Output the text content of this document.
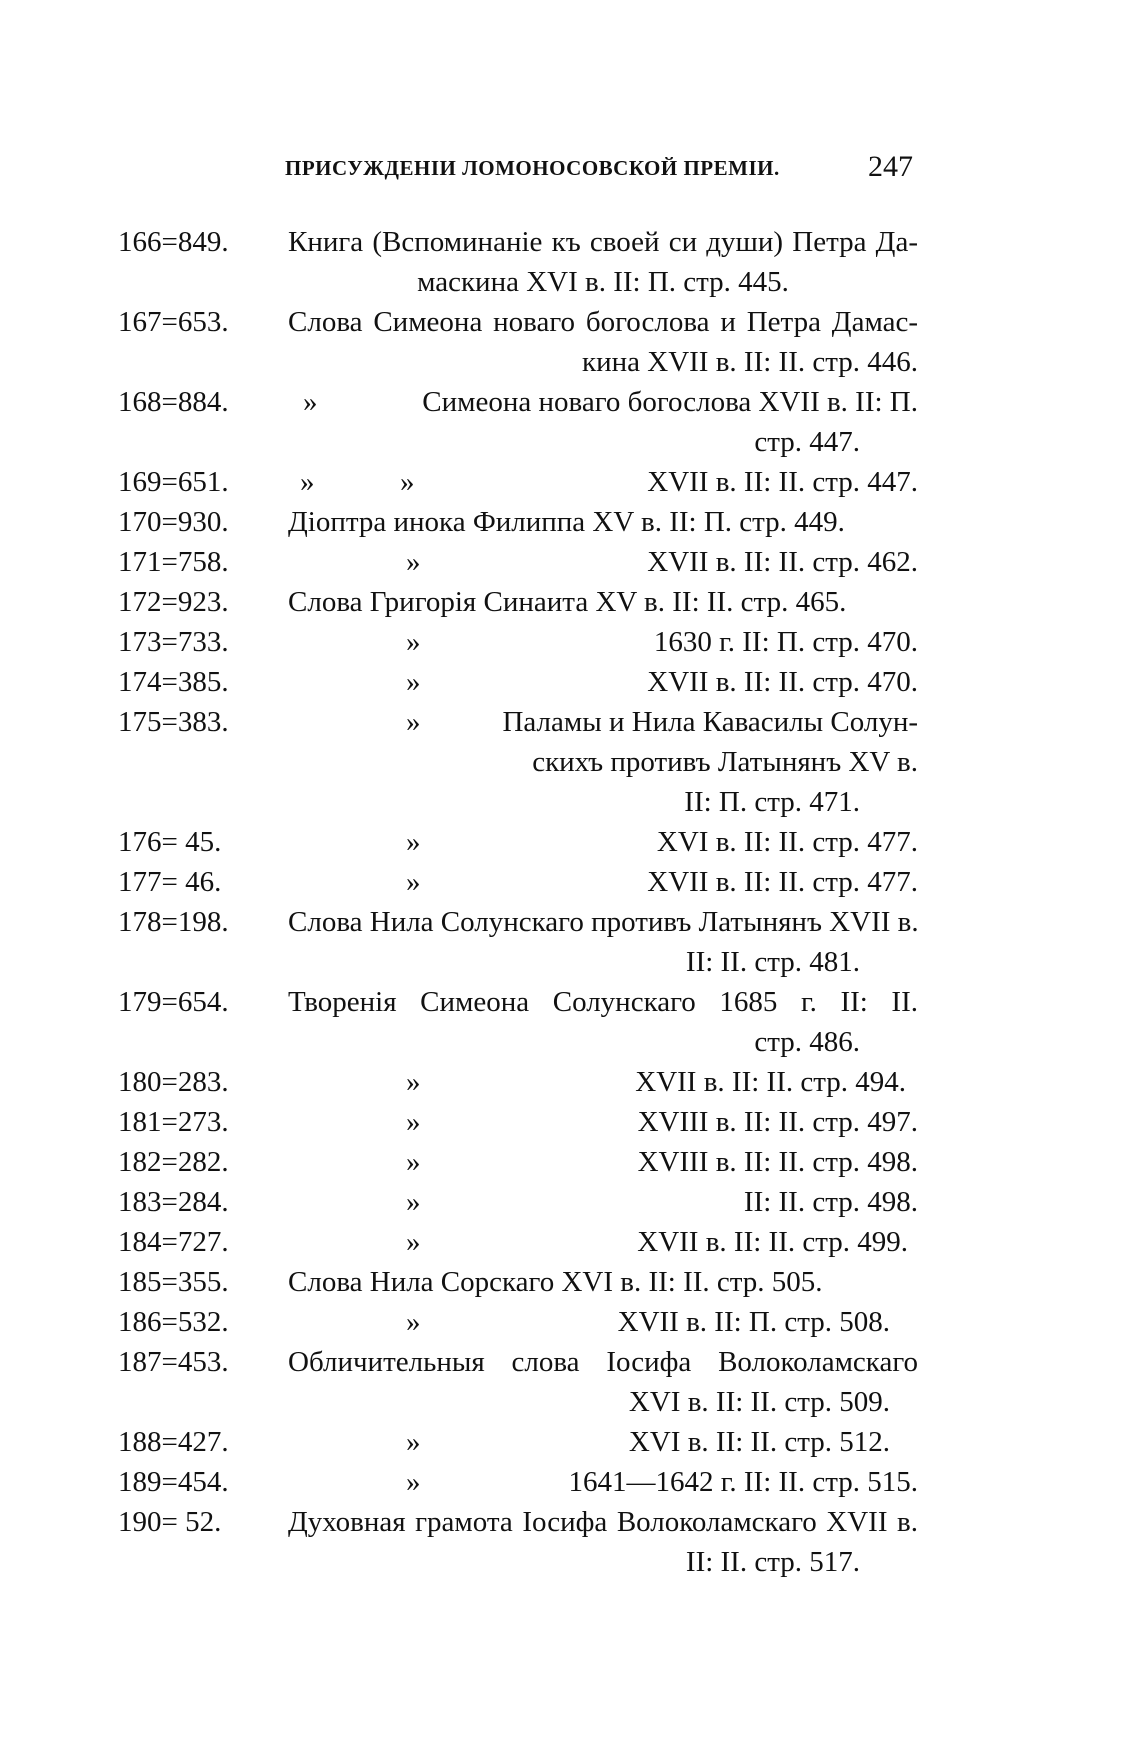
ПРИСУЖДЕНІИ ЛОМОНОСОВСКОЙ ПРЕМІИ.	247
166=849. Книга (Вспоминаніе къ своей си души) Петра Да-
маскина XVI в. II: П. стр. 445.
167=653. Слова Симеона новаго богослова и Петра Дамас-
кина XVII в. II: II. стр. 446.
168=884.	»	Симеона новаго богослова XVII в. II: П.
стр. 447.
169=651. »	»	XVII в. II: II. стр. 447.
170=930. Діоптра инока Филиппа XV в. II: П. стр. 449.
171=758.	»	XVII в. II: II. стр. 462.
172=923. Слова Григорія Синаита XV в. II: II. стр. 465.
173=733.	»	1630 г. II: П. стр. 470.
174=385.	»	XVII в. II: II. стр. 470.
175=383.	»	Паламы и Нила Кавасилы Солун-
скихъ противъ Латынянъ XV в.
II: П. стр. 471.
176= 45.	»	XVI в. II: II. стр. 477.
177= 46.	»	XVII в. II: II. стр. 477.
178=198. Слова Нила Солунскаго противъ Латынянъ XVII в.
II: II. стр. 481.
179=654. Творенія Симеона Солунскаго 1685 г. II: II.
стр. 486.
180=283.	»	XVII в. II: II. стр. 494.
181=273.	»	XVIII в. II: II. стр. 497.
182=282.	»	XVIII в. II: II. стр. 498.
183=284.	»	II: II. стр. 498.
184=727.	»	XVII в. II: II. стр. 499.
185=355. Слова Нила Сорскаго XVI в. II: II. стр. 505.
186=532.	»	XVII в. II: П. стр. 508.
187=453. Обличительныя слова Іосифа Волоколамскаго
XVI в. II: II. стр. 509.
188=427.	»	XVI в. II: II. стр. 512.
189=454.	»	1641—1642 г. II: II. стр. 515.
190= 52. Духовная грамота Іосифа Волоколамскаго XVII в.
II: II. стр. 517.
